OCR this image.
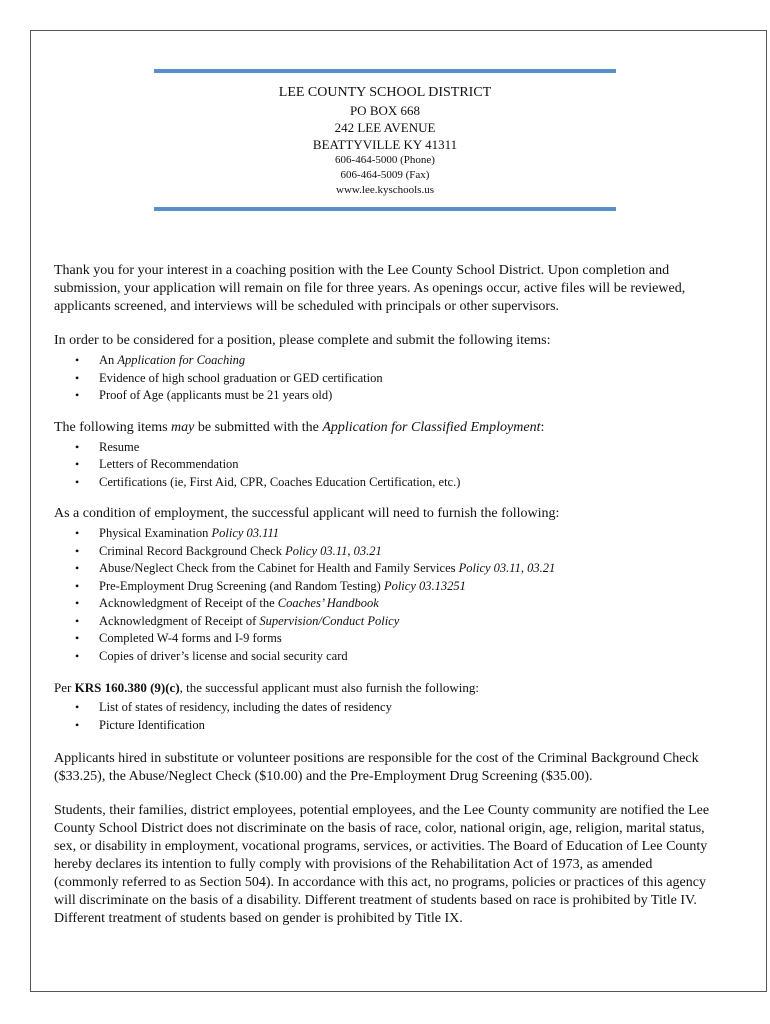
LEE COUNTY SCHOOL DISTRICT
PO BOX 668
242 LEE AVENUE
BEATTYVILLE KY 41311
606-464-5000 (Phone)
606-464-5009 (Fax)
www.lee.kyschools.us

Thank you for your interest in a coaching position with the Lee County School District. Upon completion and submission, your application will remain on file for three years. As openings occur, active files will be reviewed, applicants screened, and interviews will be scheduled with principals or other supervisors.

In order to be considered for a position, please complete and submit the following items:

• An Application for Coaching
• Evidence of high school graduation or GED certification
• Proof of Age (applicants must be 21 years old)

The following items may be submitted with the Application for Classified Employment:

• Resume
• Letters of Recommendation
• Certifications (ie, First Aid, CPR, Coaches Education Certification, etc.)

As a condition of employment, the successful applicant will need to furnish the following:

• Physical Examination Policy 03.111
• Criminal Record Background Check Policy 03.11, 03.21
• Abuse/Neglect Check from the Cabinet for Health and Family Services Policy 03.11, 03.21
• Pre-Employment Drug Screening (and Random Testing) Policy 03.13251
• Acknowledgment of Receipt of the Coaches’ Handbook
• Acknowledgment of Receipt of Supervision/Conduct Policy
• Completed W-4 forms and I-9 forms
• Copies of driver’s license and social security card

Per KRS 160.380 (9)(c), the successful applicant must also furnish the following:

• List of states of residency, including the dates of residency
• Picture Identification

Applicants hired in substitute or volunteer positions are responsible for the cost of the Criminal Background Check ($33.25), the Abuse/Neglect Check ($10.00) and the Pre-Employment Drug Screening ($35.00).

Students, their families, district employees, potential employees, and the Lee County community are notified the Lee County School District does not discriminate on the basis of race, color, national origin, age, religion, marital status, sex, or disability in employment, vocational programs, services, or activities. The Board of Education of Lee County hereby declares its intention to fully comply with provisions of the Rehabilitation Act of 1973, as amended (commonly referred to as Section 504). In accordance with this act, no programs, policies or practices of this agency will discriminate on the basis of a disability. Different treatment of students based on race is prohibited by Title IV. Different treatment of students based on gender is prohibited by Title IX.
